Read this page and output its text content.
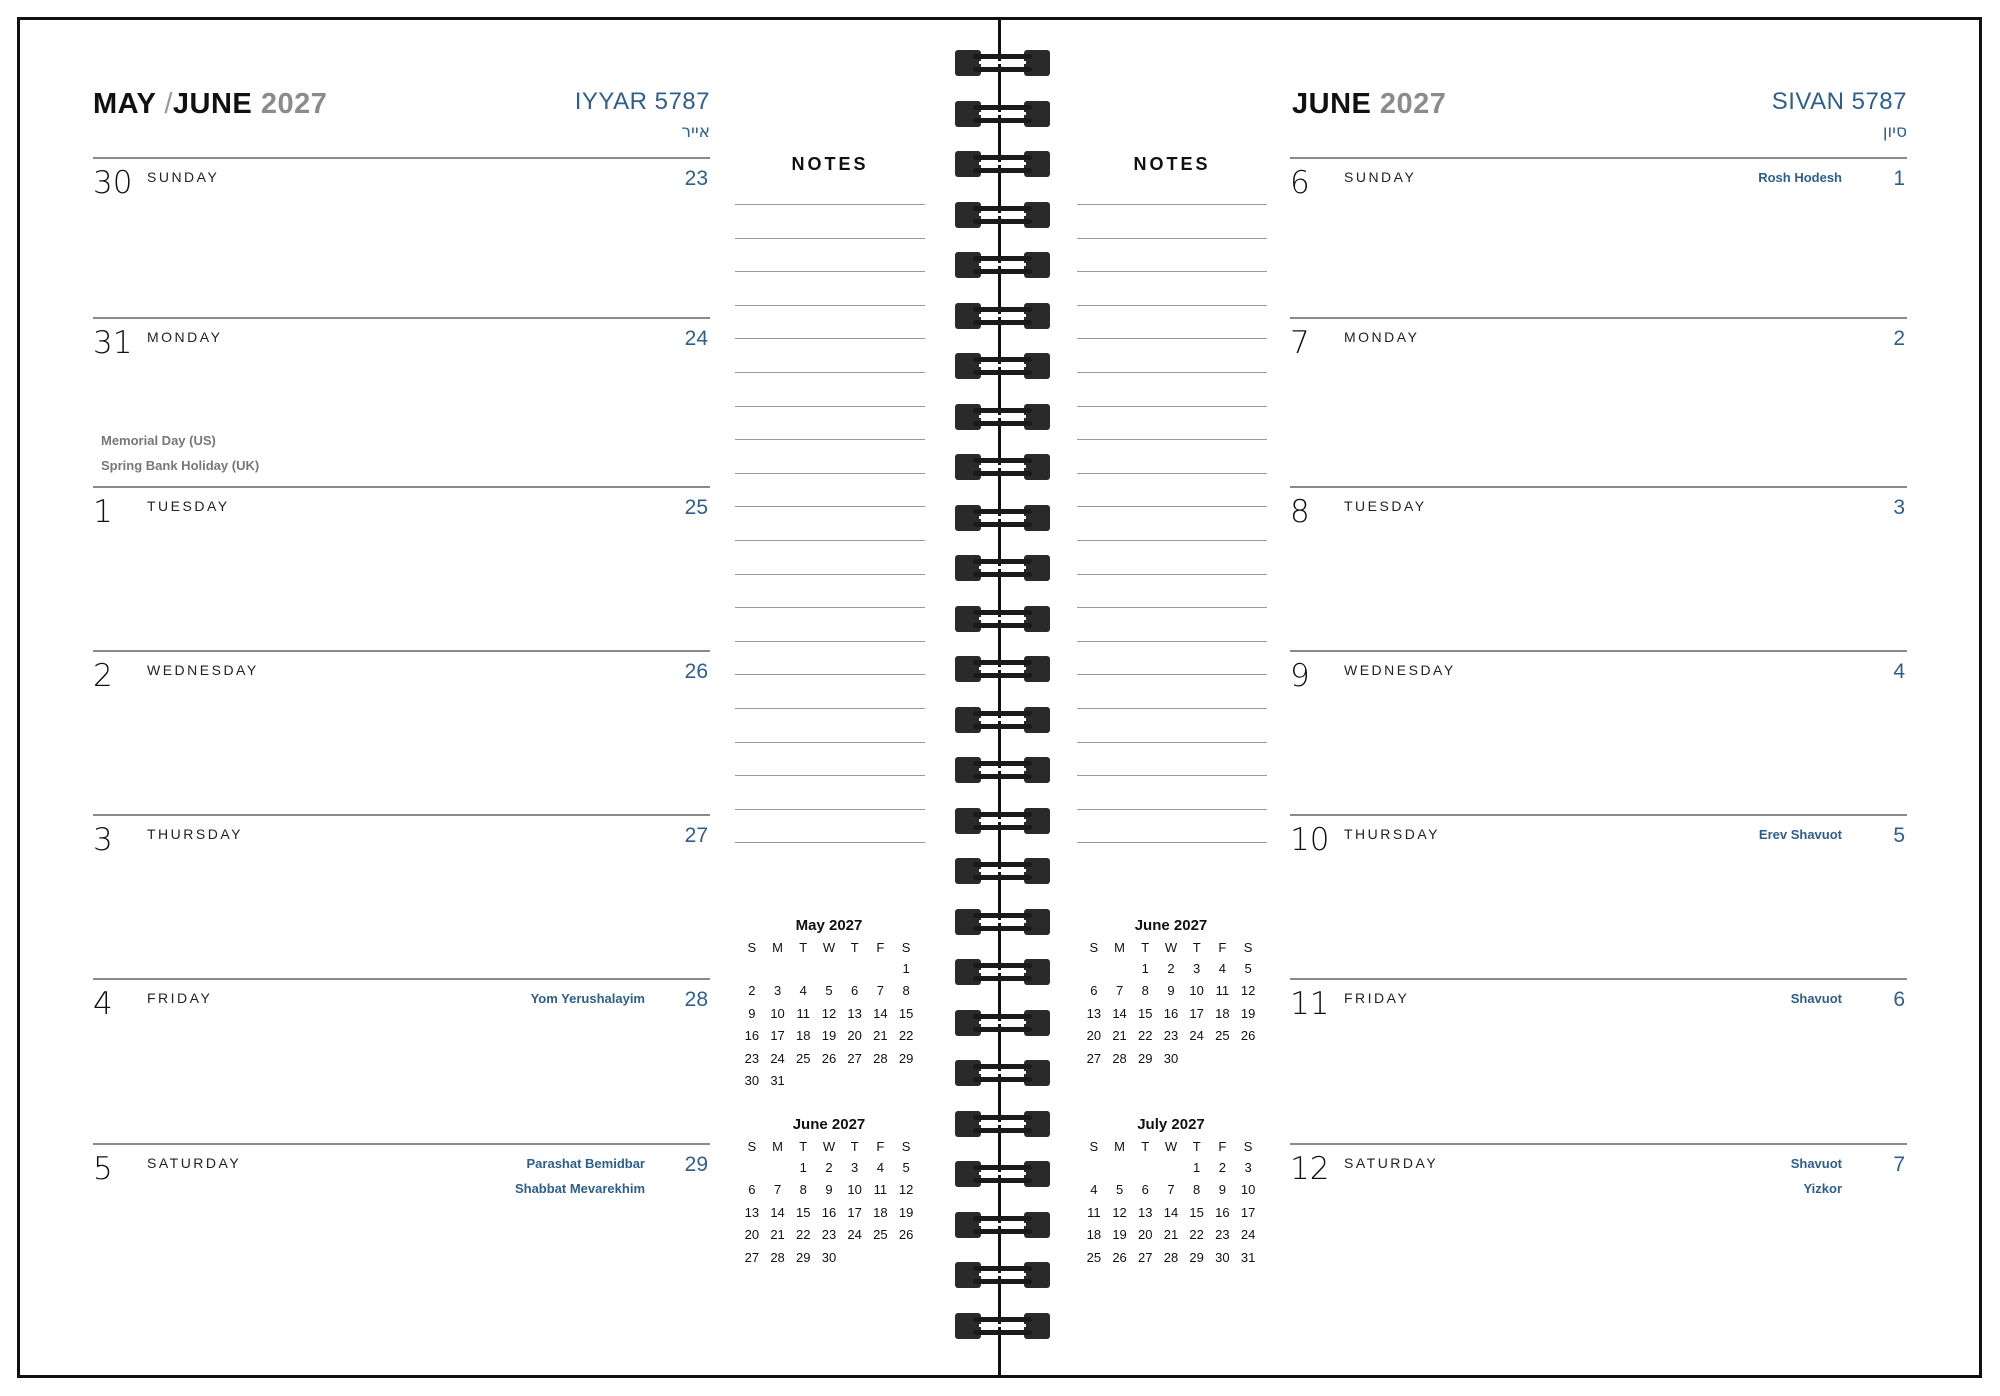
MAY /JUNE 2027	IYYAR 5787
אייר
JUNE 2027	SIVAN 5787
סיון
30 SUNDAY	23
31 MONDAY	24
Memorial Day (US)
Spring Bank Holiday (UK)
1 TUESDAY	25
2 WEDNESDAY	26
3 THURSDAY	27
4 FRIDAY	28
Yom Yerushalayim
5 SATURDAY	29
Parashat Bemidbar
Shabbat Mevarekhim
6 SUNDAY	1
Rosh Hodesh
7 MONDAY	2
8 TUESDAY	3
9 WEDNESDAY	4
10 THURSDAY	5
Erev Shavuot
11 FRIDAY	6
Shavuot
12 SATURDAY	7
Shavuot
Yizkor
NOTES	NOTES
May 2027
S	M	T	W	T	F	S
						1
2	3	4	5	6	7	8
9	10	11	12	13	14	15
16	17	18	19	20	21	22
23	24	25	26	27	28	29
30	31					
June 2027
S	M	T	W	T	F	S
		1	2	3	4	5
6	7	8	9	10	11	12
13	14	15	16	17	18	19
20	21	22	23	24	25	26
27	28	29	30			
June 2027
S	M	T	W	T	F	S
		1	2	3	4	5
6	7	8	9	10	11	12
13	14	15	16	17	18	19
20	21	22	23	24	25	26
27	28	29	30			
July 2027
S	M	T	W	T	F	S
				1	2	3
4	5	6	7	8	9	10
11	12	13	14	15	16	17
18	19	20	21	22	23	24
25	26	27	28	29	30	31
